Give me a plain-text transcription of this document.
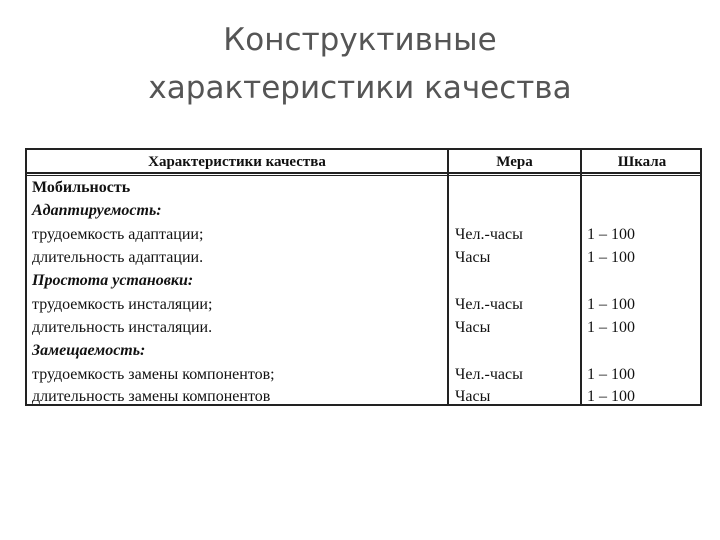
Конструктивные
характеристики качества
Характеристики качества	Мера	Шкала
Мобильность
Адаптируемость:
трудоемкость адаптации;	Чел.-часы	1 – 100
длительность адаптации.	Часы	1 – 100
Простота установки:
трудоемкость инсталяции;	Чел.-часы	1 – 100
длительность инсталяции.	Часы	1 – 100
Замещаемость:
трудоемкость замены компонентов;	Чел.-часы	1 – 100
длительность замены компонентов	Часы	1 – 100
